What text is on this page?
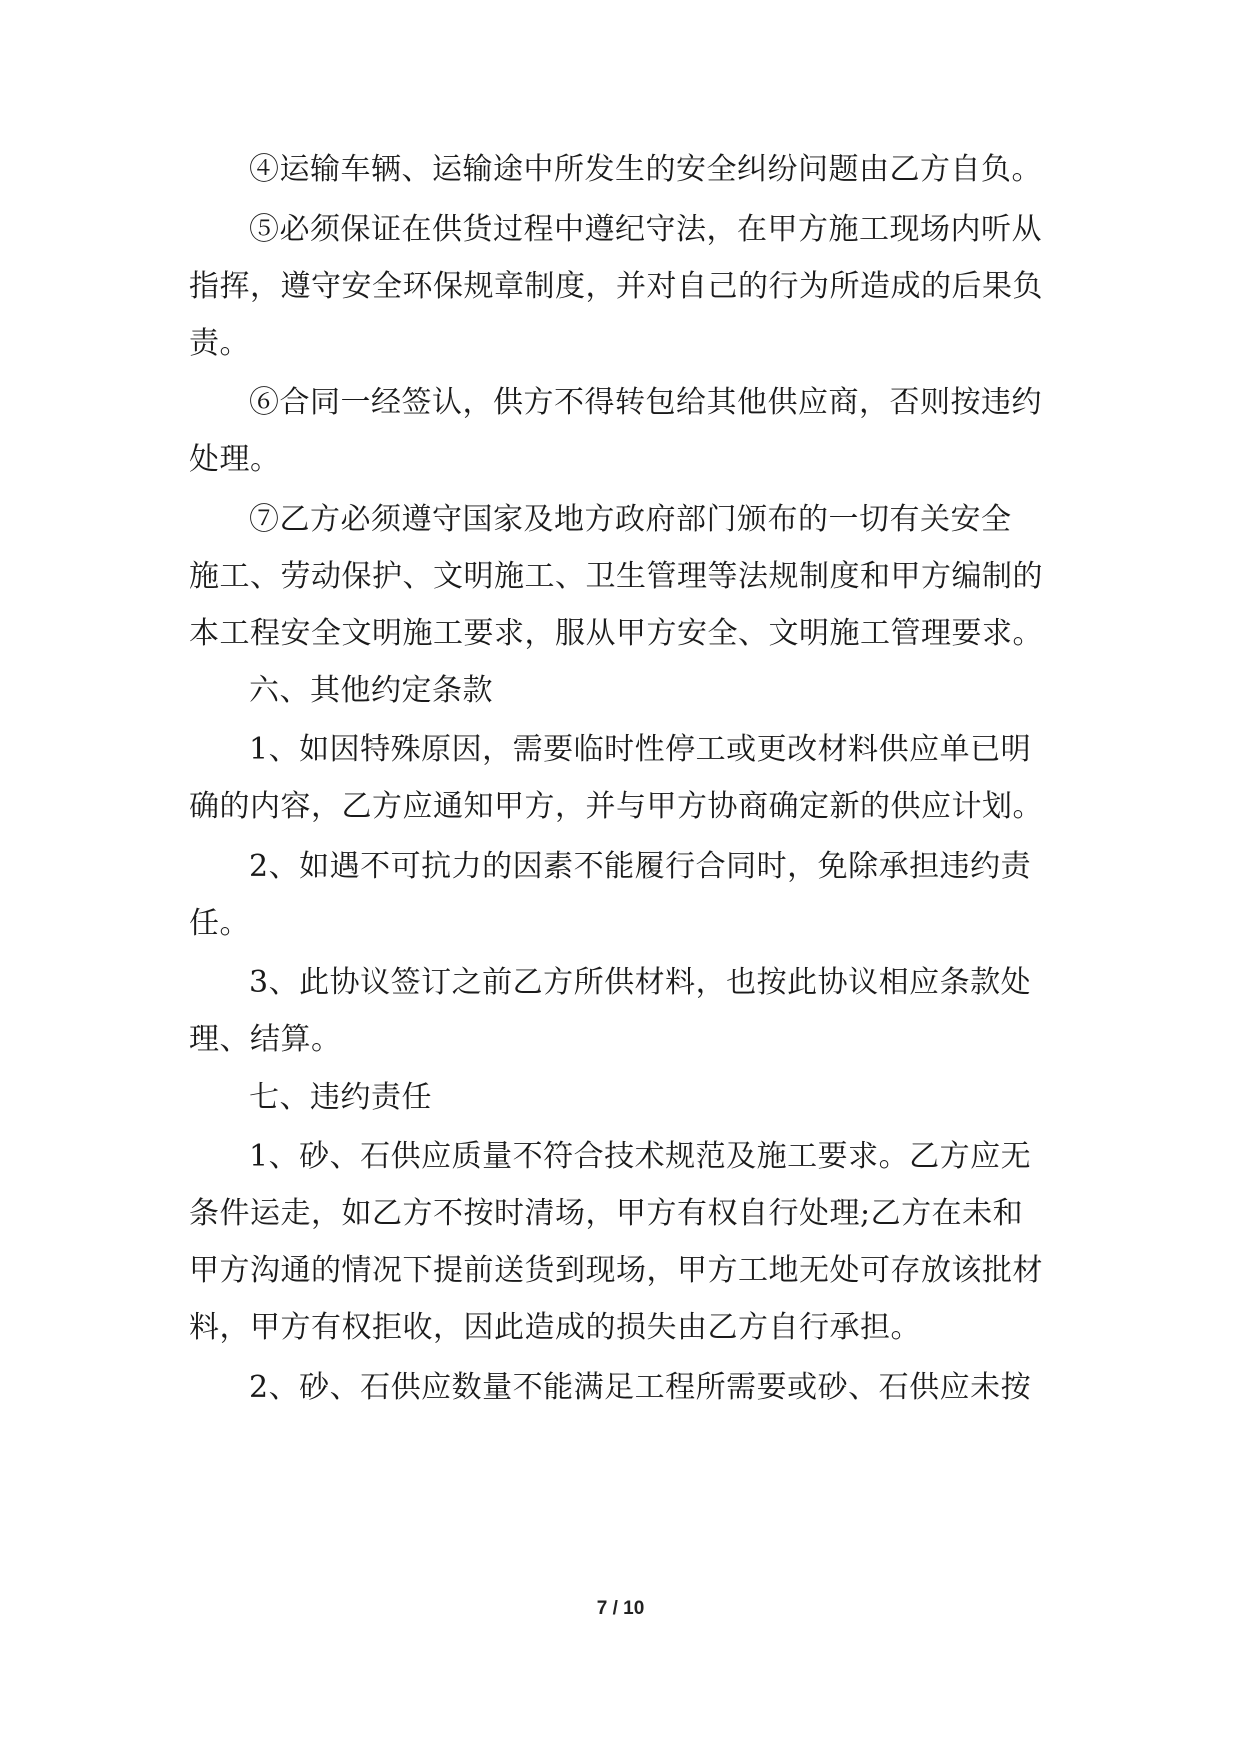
④运输车辆、运输途中所发生的安全纠纷问题由乙方自负。
⑤必须保证在供货过程中遵纪守法，在甲方施工现场内听从
指挥，遵守安全环保规章制度，并对自己的行为所造成的后果负
责。
⑥合同一经签认，供方不得转包给其他供应商，否则按违约
处理。
⑦乙方必须遵守国家及地方政府部门颁布的一切有关安全
施工、劳动保护、文明施工、卫生管理等法规制度和甲方编制的
本工程安全文明施工要求，服从甲方安全、文明施工管理要求。
六、其他约定条款
1、如因特殊原因，需要临时性停工或更改材料供应单已明
确的内容，乙方应通知甲方，并与甲方协商确定新的供应计划。
2、如遇不可抗力的因素不能履行合同时，免除承担违约责
任。
3、此协议签订之前乙方所供材料，也按此协议相应条款处
理、结算。
七、违约责任
1、砂、石供应质量不符合技术规范及施工要求。乙方应无
条件运走，如乙方不按时清场，甲方有权自行处理;乙方在未和
甲方沟通的情况下提前送货到现场，甲方工地无处可存放该批材
料，甲方有权拒收，因此造成的损失由乙方自行承担。
2、砂、石供应数量不能满足工程所需要或砂、石供应未按
7 / 10
